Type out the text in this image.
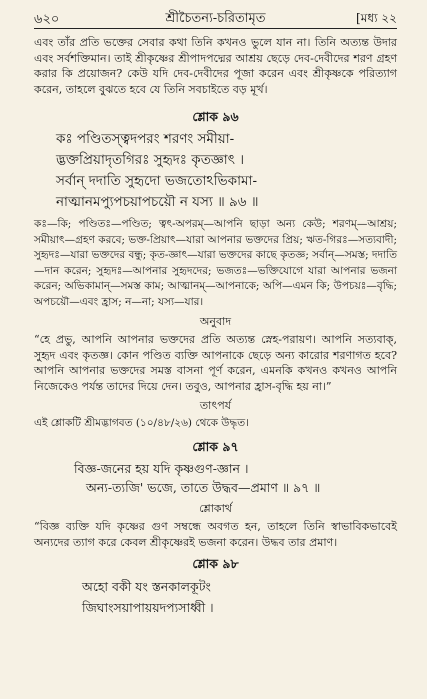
৬২০	শ্রীচৈতন্য-চরিতামৃত	[মধ্য ২২

এবং তাঁর প্রতি ভক্তের সেবার কথা তিনি কখনও ভুলে যান না। তিনি অত্যন্ত উদার এবং সর্বশক্তিমান। তাই শ্রীকৃষ্ণের শ্রীপাদপদ্মের আশ্রয় ছেড়ে দেব-দেবীদের শরণ গ্রহণ করার কি প্রয়োজন? কেউ যদি দেব-দেবীদের পূজা করেন এবং শ্রীকৃষ্ণকে পরিত্যাগ করেন, তাহলে বুঝতে হবে যে তিনি সবচাইতে বড় মূর্খ।

শ্লোক ৯৬

কঃ পণ্ডিতস্ত্বদপরং শরণং সমীয়া-
দ্ভক্তপ্রিয়াদৃতগিরঃ সুহৃদঃ কৃতজ্ঞাৎ ।
সর্বান্ দদাতি সুহৃদো ভজতোঽভিকামা-
নাত্মানমপ্যুপচয়াপচয়ৌ ন যস্য ॥ ৯৬ ॥

কঃ—কি; পণ্ডিতঃ—পণ্ডিত; ত্বৎ-অপরম্—আপনি ছাড়া অন্য কেউ; শরণম্—আশ্রয়; সমীয়াৎ—গ্রহণ করবে; ভক্ত-প্রিয়াৎ—যারা আপনার ভক্তদের প্রিয়; ঋত-গিরঃ—সত্যবাদী; সুহৃদঃ—যারা ভক্তদের বন্ধু; কৃত-জ্ঞাৎ—যারা ভক্তদের কাছে কৃতজ্ঞ; সর্বান্—সমস্ত; দদাতি—দান করেন; সুহৃদঃ—আপনার সুহৃদদের; ভজতঃ—ভক্তিযোগে যারা আপনার ভজনা করেন; অভিকামান্—সমস্ত কাম; আত্মানম্—আপনাকে; অপি—এমন কি; উপচয়ঃ—বৃদ্ধি; অপচয়ৌ—এবং হ্রাস; ন—না; যস্য—যার।

অনুবাদ

“হে প্রভু, আপনি আপনার ভক্তদের প্রতি অত্যন্ত স্নেহ-পরায়ণ। আপনি সত্যবাক্, সুহৃদ এবং কৃতজ্ঞ। কোন পণ্ডিত ব্যক্তি আপনাকে ছেড়ে অন্য কারোর শরণাগত হবে? আপনি আপনার ভক্তদের সমস্ত বাসনা পূর্ণ করেন, এমনকি কখনও কখনও আপনি নিজেকেও পর্যন্ত তাদের দিয়ে দেন। তবুও, আপনার হ্রাস-বৃদ্ধি হয় না।”

তাৎপর্য

এই শ্লোকটি শ্রীমদ্ভাগবত (১০/৪৮/২৬) থেকে উদ্ধৃত।

শ্লোক ৯৭

বিজ্ঞ-জনের হয় যদি কৃষ্ণগুণ-জ্ঞান ।
অন্য-ত্যজি' ভজে, তাতে উদ্ধব—প্রমাণ ॥ ৯৭ ॥

শ্লোকার্থ

“বিজ্ঞ ব্যক্তি যদি কৃষ্ণের গুণ সম্বন্ধে অবগত হন, তাহলে তিনি স্বাভাবিকভাবেই অন্যদের ত্যাগ করে কেবল শ্রীকৃষ্ণেরই ভজনা করেন। উদ্ধব তার প্রমাণ।

শ্লোক ৯৮

অহো বকী যং স্তনকালকূটং
জিঘাংসয়াপায়য়দপ্যসাধ্বী ।
